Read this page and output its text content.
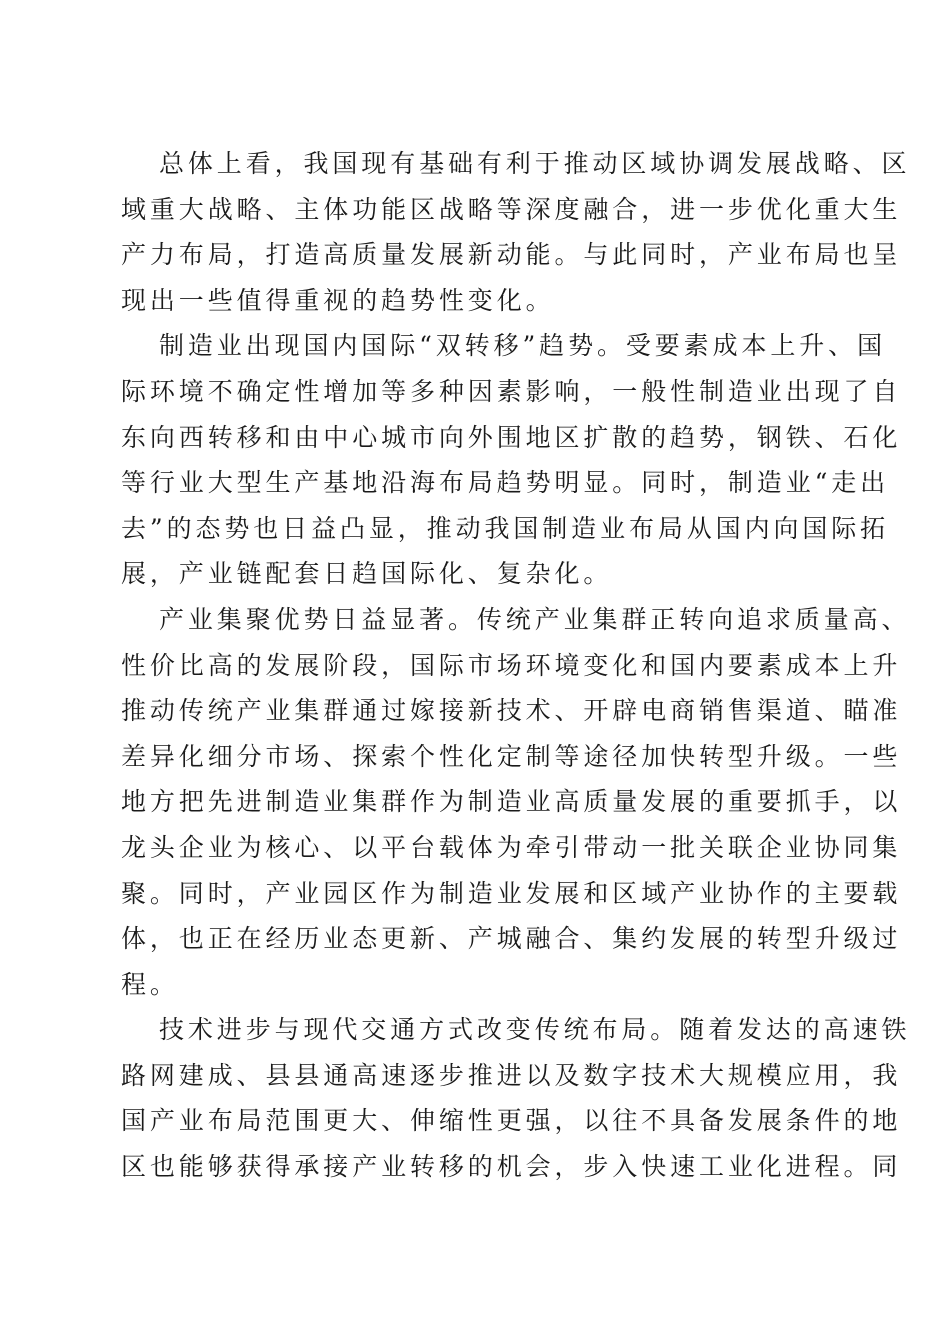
总体上看，我国现有基础有利于推动区域协调发展战略、区
域重大战略、主体功能区战略等深度融合，进一步优化重大生
产力布局，打造高质量发展新动能。与此同时，产业布局也呈
现出一些值得重视的趋势性变化。
制造业出现国内国际“双转移”趋势。受要素成本上升、国
际环境不确定性增加等多种因素影响，一般性制造业出现了自
东向西转移和由中心城市向外围地区扩散的趋势，钢铁、石化
等行业大型生产基地沿海布局趋势明显。同时，制造业“走出
去”的态势也日益凸显，推动我国制造业布局从国内向国际拓
展，产业链配套日趋国际化、复杂化。
产业集聚优势日益显著。传统产业集群正转向追求质量高、
性价比高的发展阶段，国际市场环境变化和国内要素成本上升
推动传统产业集群通过嫁接新技术、开辟电商销售渠道、瞄准
差异化细分市场、探索个性化定制等途径加快转型升级。一些
地方把先进制造业集群作为制造业高质量发展的重要抓手，以
龙头企业为核心、以平台载体为牵引带动一批关联企业协同集
聚。同时，产业园区作为制造业发展和区域产业协作的主要载
体，也正在经历业态更新、产城融合、集约发展的转型升级过
程。
技术进步与现代交通方式改变传统布局。随着发达的高速铁
路网建成、县县通高速逐步推进以及数字技术大规模应用，我
国产业布局范围更大、伸缩性更强，以往不具备发展条件的地
区也能够获得承接产业转移的机会，步入快速工业化进程。同
